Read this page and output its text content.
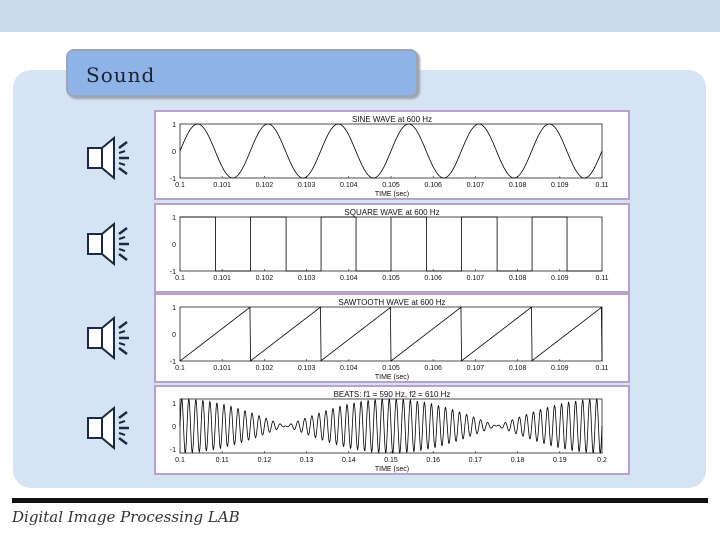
Sound
SINE WAVE at 600 Hz
1
0
-1
0.1	0.101	0.102	0.103	0.104	0.105	0.106	0.107	0.108	0.109	0.11
TIME (sec)
SQUARE WAVE at 600 Hz
1
0
-1
0.1	0.101	0.102	0.103	0.104	0.105	0.106	0.107	0.108	0.109	0.11
SAWTOOTH WAVE at 600 Hz
1
0
-1
0.1	0.101	0.102	0.103	0.104	0.105	0.106	0.107	0.108	0.109	0.11
TIME (sec)
BEATS: f1 = 590 Hz, f2 = 610 Hz
1
0
-1
0.1	0.11	0.12	0.13	0.14	0.15	0.16	0.17	0.18	0.19	0.2
TIME (sec)
Digital Image Processing LAB
